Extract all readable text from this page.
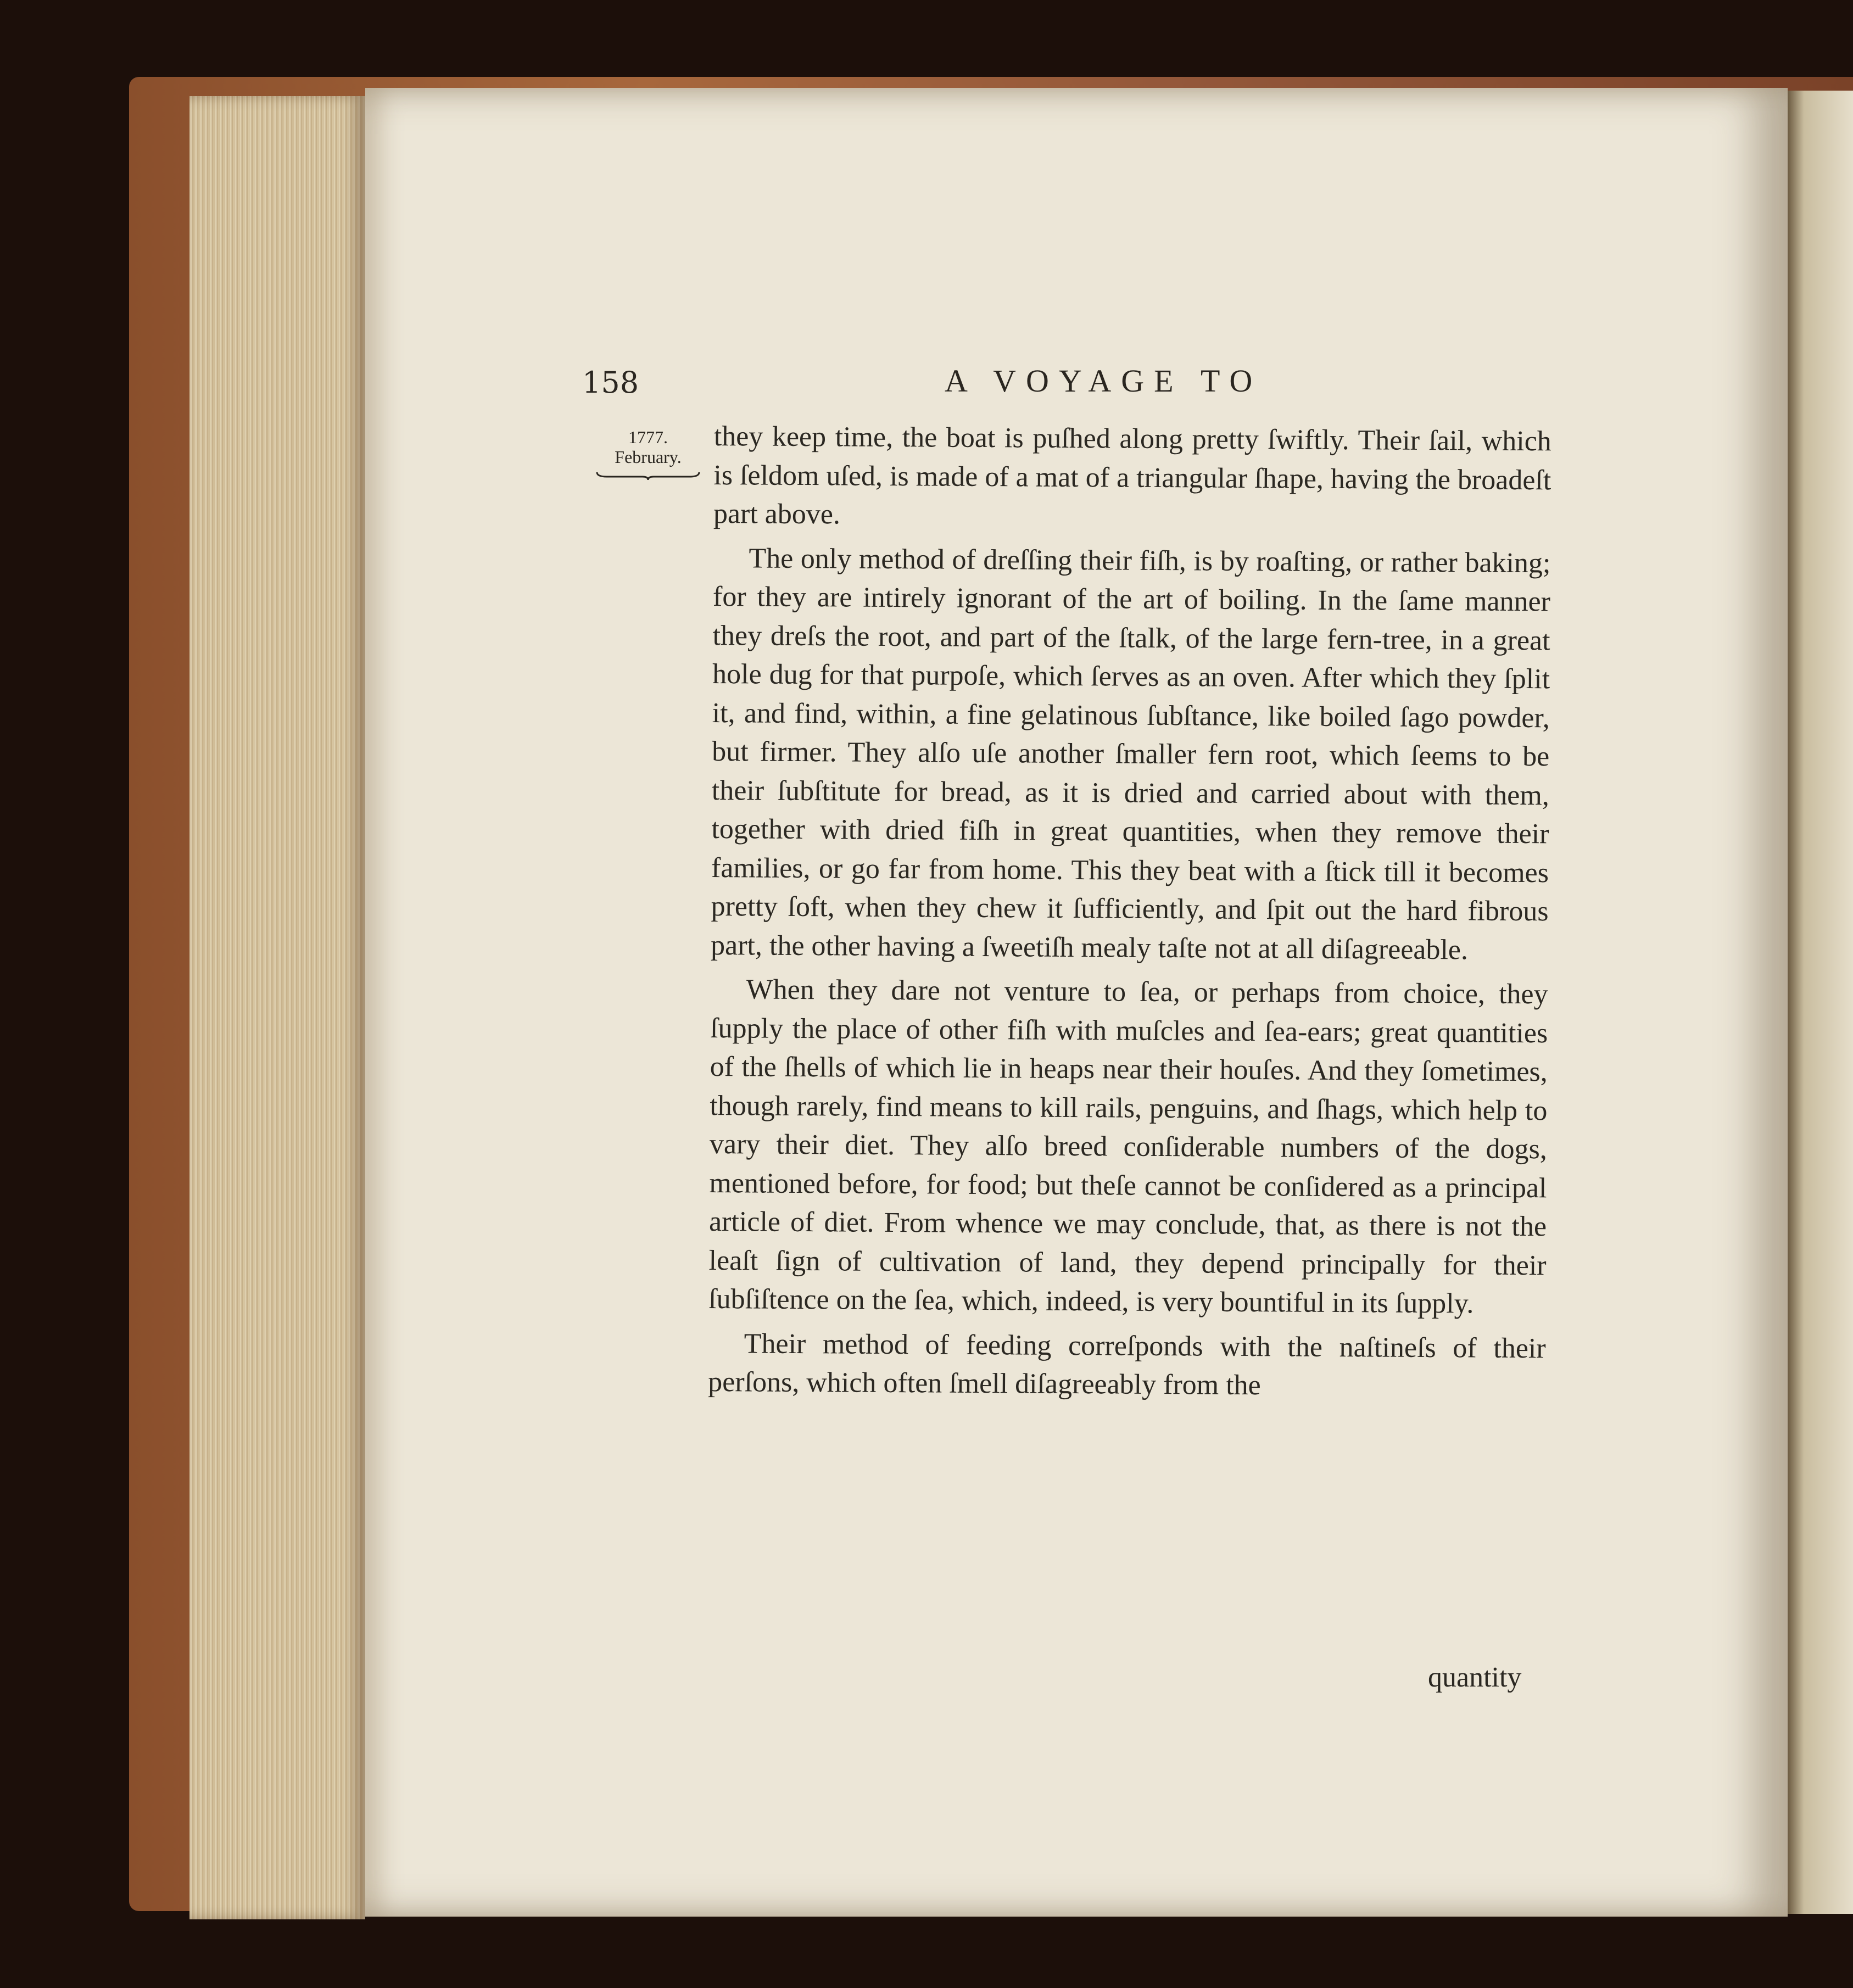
158	A VOYAGE TO
1777.
February.	they keep time, the boat is puſhed along pretty ſwiftly. Their ſail, which is ſeldom uſed, is made of a mat of a triangular ſhape, having the broadeſt part above.

The only method of dreſſing their fiſh, is by roaſting, or rather baking; for they are intirely ignorant of the art of boiling. In the ſame manner they dreſs the root, and part of the ſtalk, of the large fern-tree, in a great hole dug for that purpoſe, which ſerves as an oven. After which they ſplit it, and find, within, a fine gelatinous ſubſtance, like boiled ſago powder, but firmer. They alſo uſe another ſmaller fern root, which ſeems to be their ſubſtitute for bread, as it is dried and carried about with them, together with dried fiſh in great quantities, when they remove their families, or go far from home. This they beat with a ſtick till it becomes pretty ſoft, when they chew it ſufficiently, and ſpit out the hard fibrous part, the other having a ſweetiſh mealy taſte not at all diſagreeable.

When they dare not venture to ſea, or perhaps from choice, they ſupply the place of other fiſh with muſcles and ſea-ears; great quantities of the ſhells of which lie in heaps near their houſes. And they ſometimes, though rarely, find means to kill rails, penguins, and ſhags, which help to vary their diet. They alſo breed conſiderable numbers of the dogs, mentioned before, for food; but theſe cannot be conſidered as a principal article of diet. From whence we may conclude, that, as there is not the leaſt ſign of cultivation of land, they depend principally for their ſubſiſtence on the ſea, which, indeed, is very bountiful in its ſupply.

Their method of feeding correſponds with the naſtineſs of their perſons, which often ſmell diſagreeably from the

quantity
